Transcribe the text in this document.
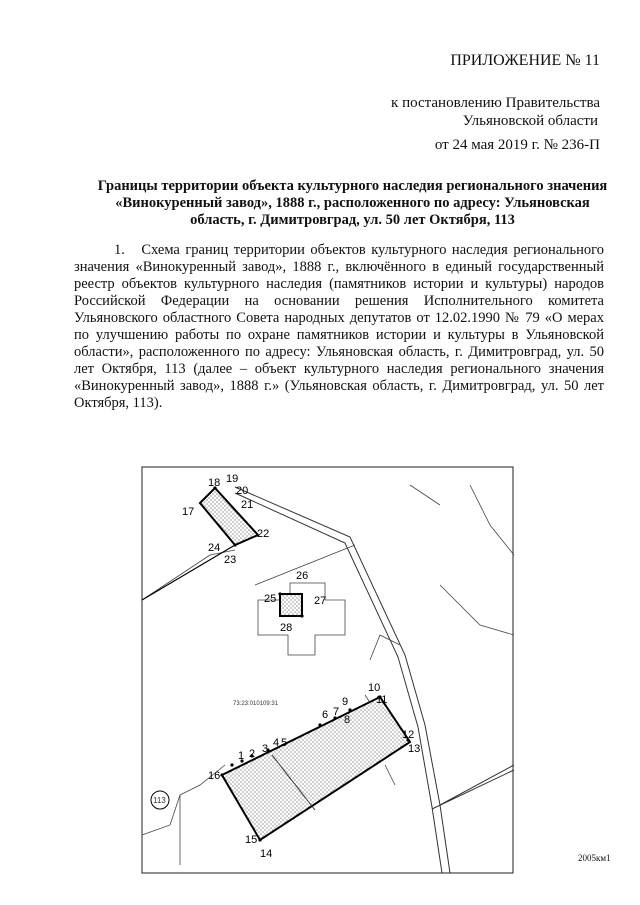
ПРИЛОЖЕНИЕ № 11
к постановлению Правительства
Ульяновской области
от 24 мая 2019 г. № 236-П
Границы территории объекта культурного наследия регионального значения «Винокуренный завод», 1888 г., расположенного по адресу: Ульяновская область, г. Димитровград, ул. 50 лет Октября, 113
1. Схема границ территории объектов культурного наследия регионального значения «Винокуренный завод», 1888 г., включённого в единый государственный реестр объектов культурного наследия (памятников истории и культуры) народов Российской Федерации на основании решения Исполнительного комитета Ульяновского областного Совета народных депутатов от 12.02.1990 № 79 «О мерах по улучшению работы по охране памятников истории и культуры в Ульяновской области», расположенного по адресу: Ульяновская область, г. Димитровград, ул. 50 лет Октября, 113 (далее – объект культурного наследия регионального значения «Винокуренный завод», 1888 г.» (Ульяновская область, г. Димитровград, ул. 50 лет Октября, 113).
1 2 3 4 5
6 7
8
9
10
11
12
13
14
15
16
17
18 19
20
21
22
23
24
25
26
27
28
113
73:23:010109:31
2005км1
